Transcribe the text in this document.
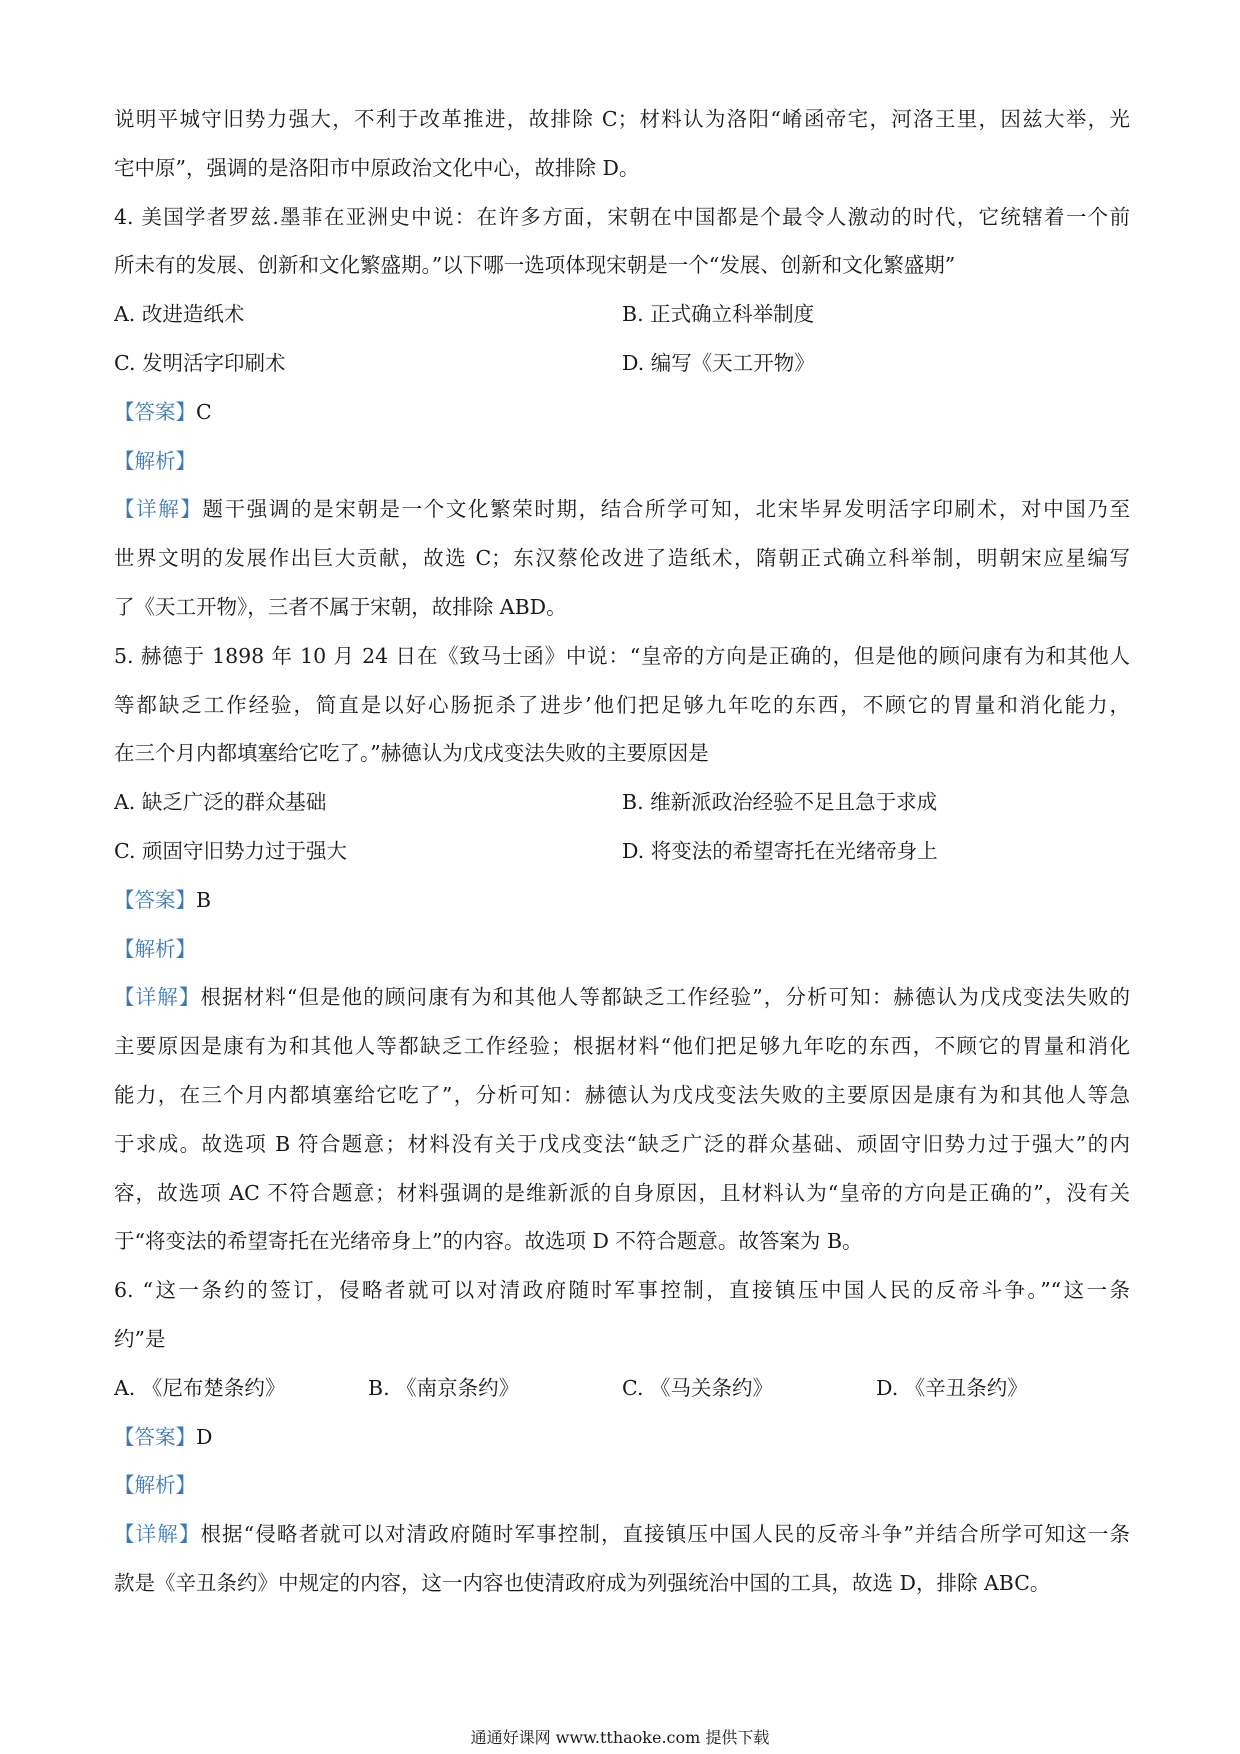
说明平城守旧势力强大，不利于改革推进，故排除 C；材料认为洛阳“崤函帝宅，河洛王里，因兹大举，光
宅中原”，强调的是洛阳市中原政治文化中心，故排除 D。
4. 美国学者罗兹.墨菲在亚洲史中说：在许多方面，宋朝在中国都是个最令人激动的时代，它统辖着一个前
所未有的发展、创新和文化繁盛期。”以下哪一选项体现宋朝是一个“发展、创新和文化繁盛期”
A. 改进造纸术	B. 正式确立科举制度
C. 发明活字印刷术	D. 编写《天工开物》
【答案】C
【解析】
【详解】题干强调的是宋朝是一个文化繁荣时期，结合所学可知，北宋毕昇发明活字印刷术，对中国乃至
世界文明的发展作出巨大贡献，故选 C；东汉蔡伦改进了造纸术，隋朝正式确立科举制，明朝宋应星编写
了《天工开物》，三者不属于宋朝，故排除 ABD。
5. 赫德于 1898 年 10 月 24 日在《致马士函》中说：“皇帝的方向是正确的，但是他的顾问康有为和其他人
等都缺乏工作经验，简直是以好心肠扼杀了进步’他们把足够九年吃的东西，不顾它的胃量和消化能力，
在三个月内都填塞给它吃了。”赫德认为戊戌变法失败的主要原因是
A. 缺乏广泛的群众基础	B. 维新派政治经验不足且急于求成
C. 顽固守旧势力过于强大	D. 将变法的希望寄托在光绪帝身上
【答案】B
【解析】
【详解】根据材料“但是他的顾问康有为和其他人等都缺乏工作经验”，分析可知：赫德认为戊戌变法失败的
主要原因是康有为和其他人等都缺乏工作经验；根据材料“他们把足够九年吃的东西，不顾它的胃量和消化
能力，在三个月内都填塞给它吃了”，分析可知：赫德认为戊戌变法失败的主要原因是康有为和其他人等急
于求成。故选项 B 符合题意；材料没有关于戊戌变法“缺乏广泛的群众基础、顽固守旧势力过于强大”的内
容，故选项 AC 不符合题意；材料强调的是维新派的自身原因，且材料认为“皇帝的方向是正确的”，没有关
于“将变法的希望寄托在光绪帝身上”的内容。故选项 D 不符合题意。故答案为 B。
6. “这一条约的签订，侵略者就可以对清政府随时军事控制，直接镇压中国人民的反帝斗争。”“这一条
约”是
A. 《尼布楚条约》	B. 《南京条约》	C. 《马关条约》	D. 《辛丑条约》
【答案】D
【解析】
【详解】根据“侵略者就可以对清政府随时军事控制，直接镇压中国人民的反帝斗争”并结合所学可知这一条
款是《辛丑条约》中规定的内容，这一内容也使清政府成为列强统治中国的工具，故选 D，排除 ABC。
通通好课网 www.tthaoke.com 提供下载
